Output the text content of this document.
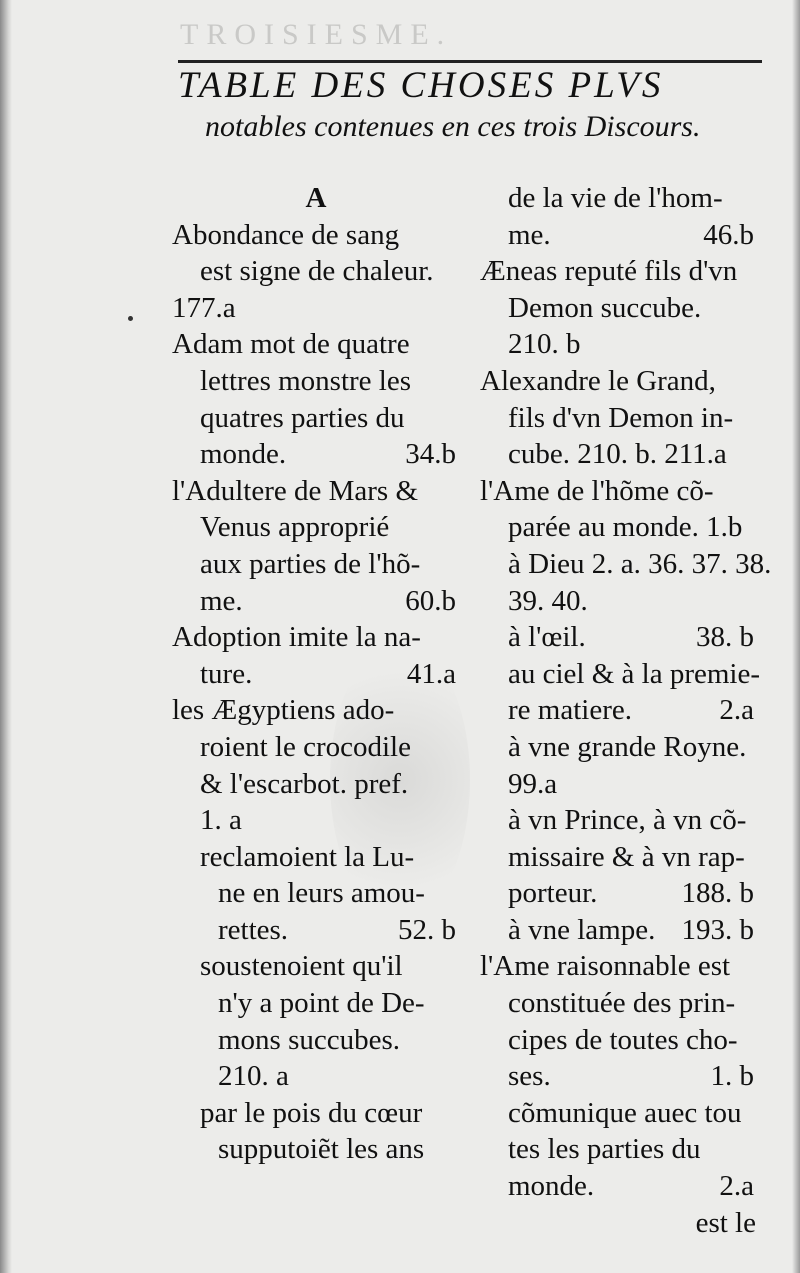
TROISIESME.
TABLE DES CHOSES PLVS
notables contenues en ces trois Discours.
A
Abondance de sang
est signe de chaleur.
177.a
Adam mot de quatre
lettres monstre les
quatres parties du
monde.	34.b
l'Adultere de Mars &
Venus approprié
aux parties de l'hõ-
me.	60.b
Adoption imite la na-
ture.	41.a
les Ægyptiens ado-
roient le crocodile
& l'escarbot. pref.
1. a
reclamoient la Lu-
ne en leurs amou-
rettes.	52. b
soustenoient qu'il
n'y a point de De-
mons succubes.
210. a
par le pois du cœur
supputoiẽt les ans
de la vie de l'hom-
me.	46.b
Æneas reputé fils d'vn
Demon succube.
210. b
Alexandre le Grand,
fils d'vn Demon in-
cube. 210. b. 211.a
l'Ame de l'hõme cõ-
parée au monde. 1.b
à Dieu 2. a. 36. 37. 38.
39. 40.
à l'œil.	38. b
au ciel & à la premie-
re matiere.	2.a
à vne grande Royne.
99.a
à vn Prince, à vn cõ-
missaire & à vn rap-
porteur.	188. b
à vne lampe. 193. b
l'Ame raisonnable est
constituée des prin-
cipes de toutes cho-
ses.	1. b
cõmunique auec tou
tes les parties du
monde.	2.a
est le
